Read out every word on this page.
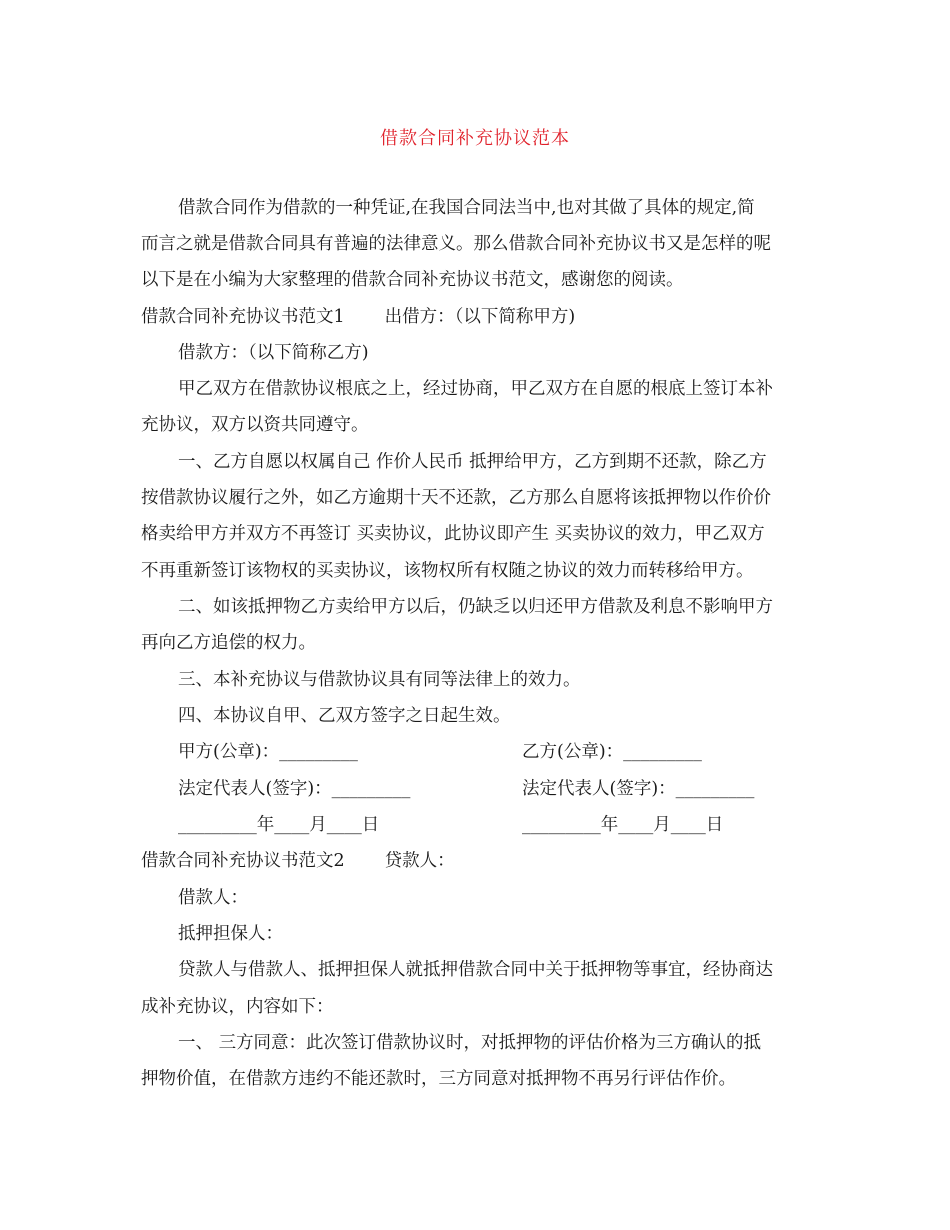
借款合同补充协议范本
借款合同作为借款的一种凭证,在我国合同法当中,也对其做了具体的规定,简
而言之就是借款合同具有普遍的法律意义。那么借款合同补充协议书又是怎样的呢
以下是在小编为大家整理的借款合同补充协议书范文，感谢您的阅读。
借款合同补充协议书范文1 出借方：（以下简称甲方)
借款方：（以下简称乙方)
甲乙双方在借款协议根底之上，经过协商，甲乙双方在自愿的根底上签订本补
充协议，双方以资共同遵守。
一、乙方自愿以权属自己 作价人民币 抵押给甲方，乙方到期不还款，除乙方
按借款协议履行之外，如乙方逾期十天不还款，乙方那么自愿将该抵押物以作价价
格卖给甲方并双方不再签订 买卖协议，此协议即产生 买卖协议的效力，甲乙双方
不再重新签订该物权的买卖协议，该物权所有权随之协议的效力而转移给甲方。
二、如该抵押物乙方卖给甲方以后，仍缺乏以归还甲方借款及利息不影响甲方
再向乙方追偿的权力。
三、本补充协议与借款协议具有同等法律上的效力。
四、本协议自甲、乙双方签字之日起生效。
甲方(公章)：_________	乙方(公章)：_________
法定代表人(签字)：_________	法定代表人(签字)：_________
_________年____月____日	_________年____月____日
借款合同补充协议书范文2 贷款人：
借款人：
抵押担保人：
贷款人与借款人、抵押担保人就抵押借款合同中关于抵押物等事宜，经协商达
成补充协议，内容如下：
一、 三方同意：此次签订借款协议时，对抵押物的评估价格为三方确认的抵
押物价值，在借款方违约不能还款时，三方同意对抵押物不再另行评估作价。
